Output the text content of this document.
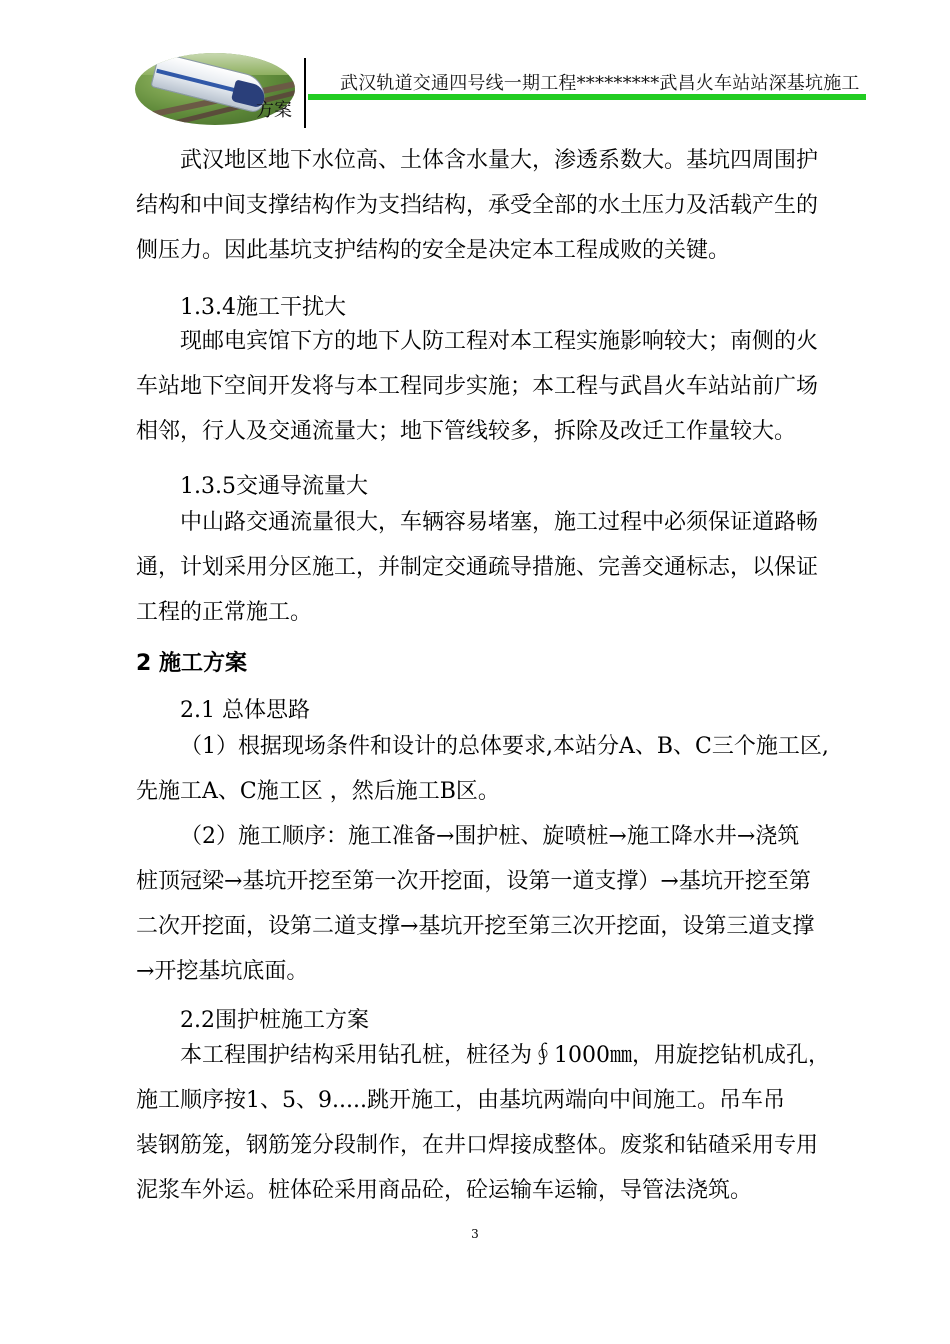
方案
武汉轨道交通四号线一期工程*********武昌火车站站深基坑施工
武汉地区地下水位高、土体含水量大，渗透系数大。基坑四周围护
结构和中间支撑结构作为支挡结构，承受全部的水土压力及活载产生的
侧压力。因此基坑支护结构的安全是决定本工程成败的关键。
1.3.4施工干扰大
现邮电宾馆下方的地下人防工程对本工程实施影响较大；南侧的火
车站地下空间开发将与本工程同步实施；本工程与武昌火车站站前广场
相邻，行人及交通流量大；地下管线较多，拆除及改迁工作量较大。
1.3.5交通导流量大
中山路交通流量很大，车辆容易堵塞，施工过程中必须保证道路畅
通，计划采用分区施工，并制定交通疏导措施、完善交通标志，以保证
工程的正常施工。
2 施工方案
2.1 总体思路
（1）根据现场条件和设计的总体要求,本站分A、B、C三个施工区,
先施工A、C施工区 ，然后施工B区。
（2）施工顺序：施工准备→围护桩、旋喷桩→施工降水井→浇筑
桩顶冠梁→基坑开挖至第一次开挖面，设第一道支撑）→基坑开挖至第
二次开挖面，设第二道支撑→基坑开挖至第三次开挖面，设第三道支撑
→开挖基坑底面。
2.2围护桩施工方案
本工程围护结构采用钻孔桩，桩径为∮1000㎜，用旋挖钻机成孔，
施工顺序按1、5、9.....跳开施工，由基坑两端向中间施工。吊车吊
装钢筋笼，钢筋笼分段制作，在井口焊接成整体。废浆和钻碴采用专用
泥浆车外运。桩体砼采用商品砼，砼运输车运输，导管法浇筑。
3
